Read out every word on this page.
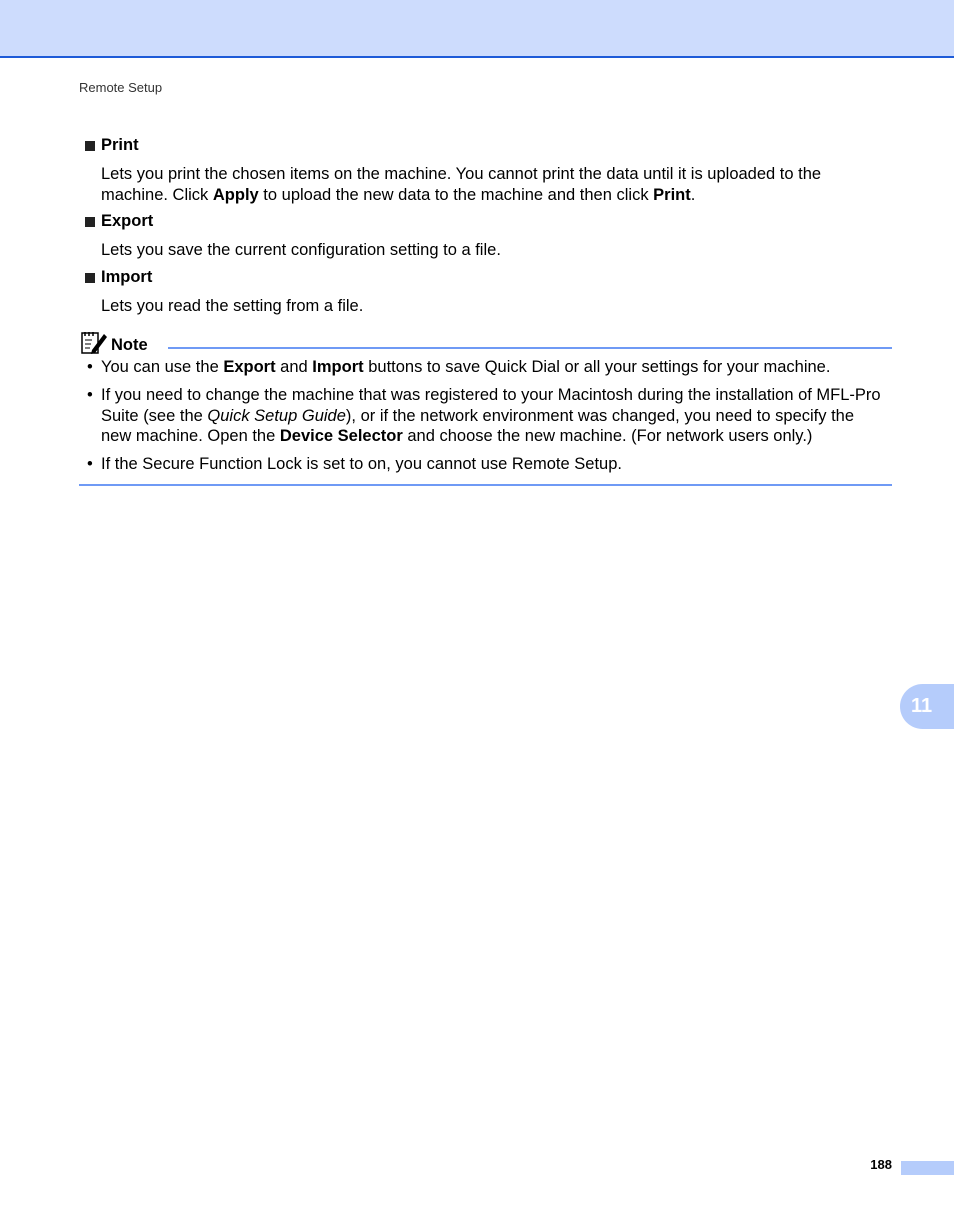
Remote Setup
Print
Lets you print the chosen items on the machine. You cannot print the data until it is uploaded to the
machine. Click Apply to upload the new data to the machine and then click Print.
Export
Lets you save the current configuration setting to a file.
Import
Lets you read the setting from a file.
Note
• You can use the Export and Import buttons to save Quick Dial or all your settings for your machine.
• If you need to change the machine that was registered to your Macintosh during the installation of MFL-Pro
Suite (see the Quick Setup Guide), or if the network environment was changed, you need to specify the
new machine. Open the Device Selector and choose the new machine. (For network users only.)
• If the Secure Function Lock is set to on, you cannot use Remote Setup.
11
188
